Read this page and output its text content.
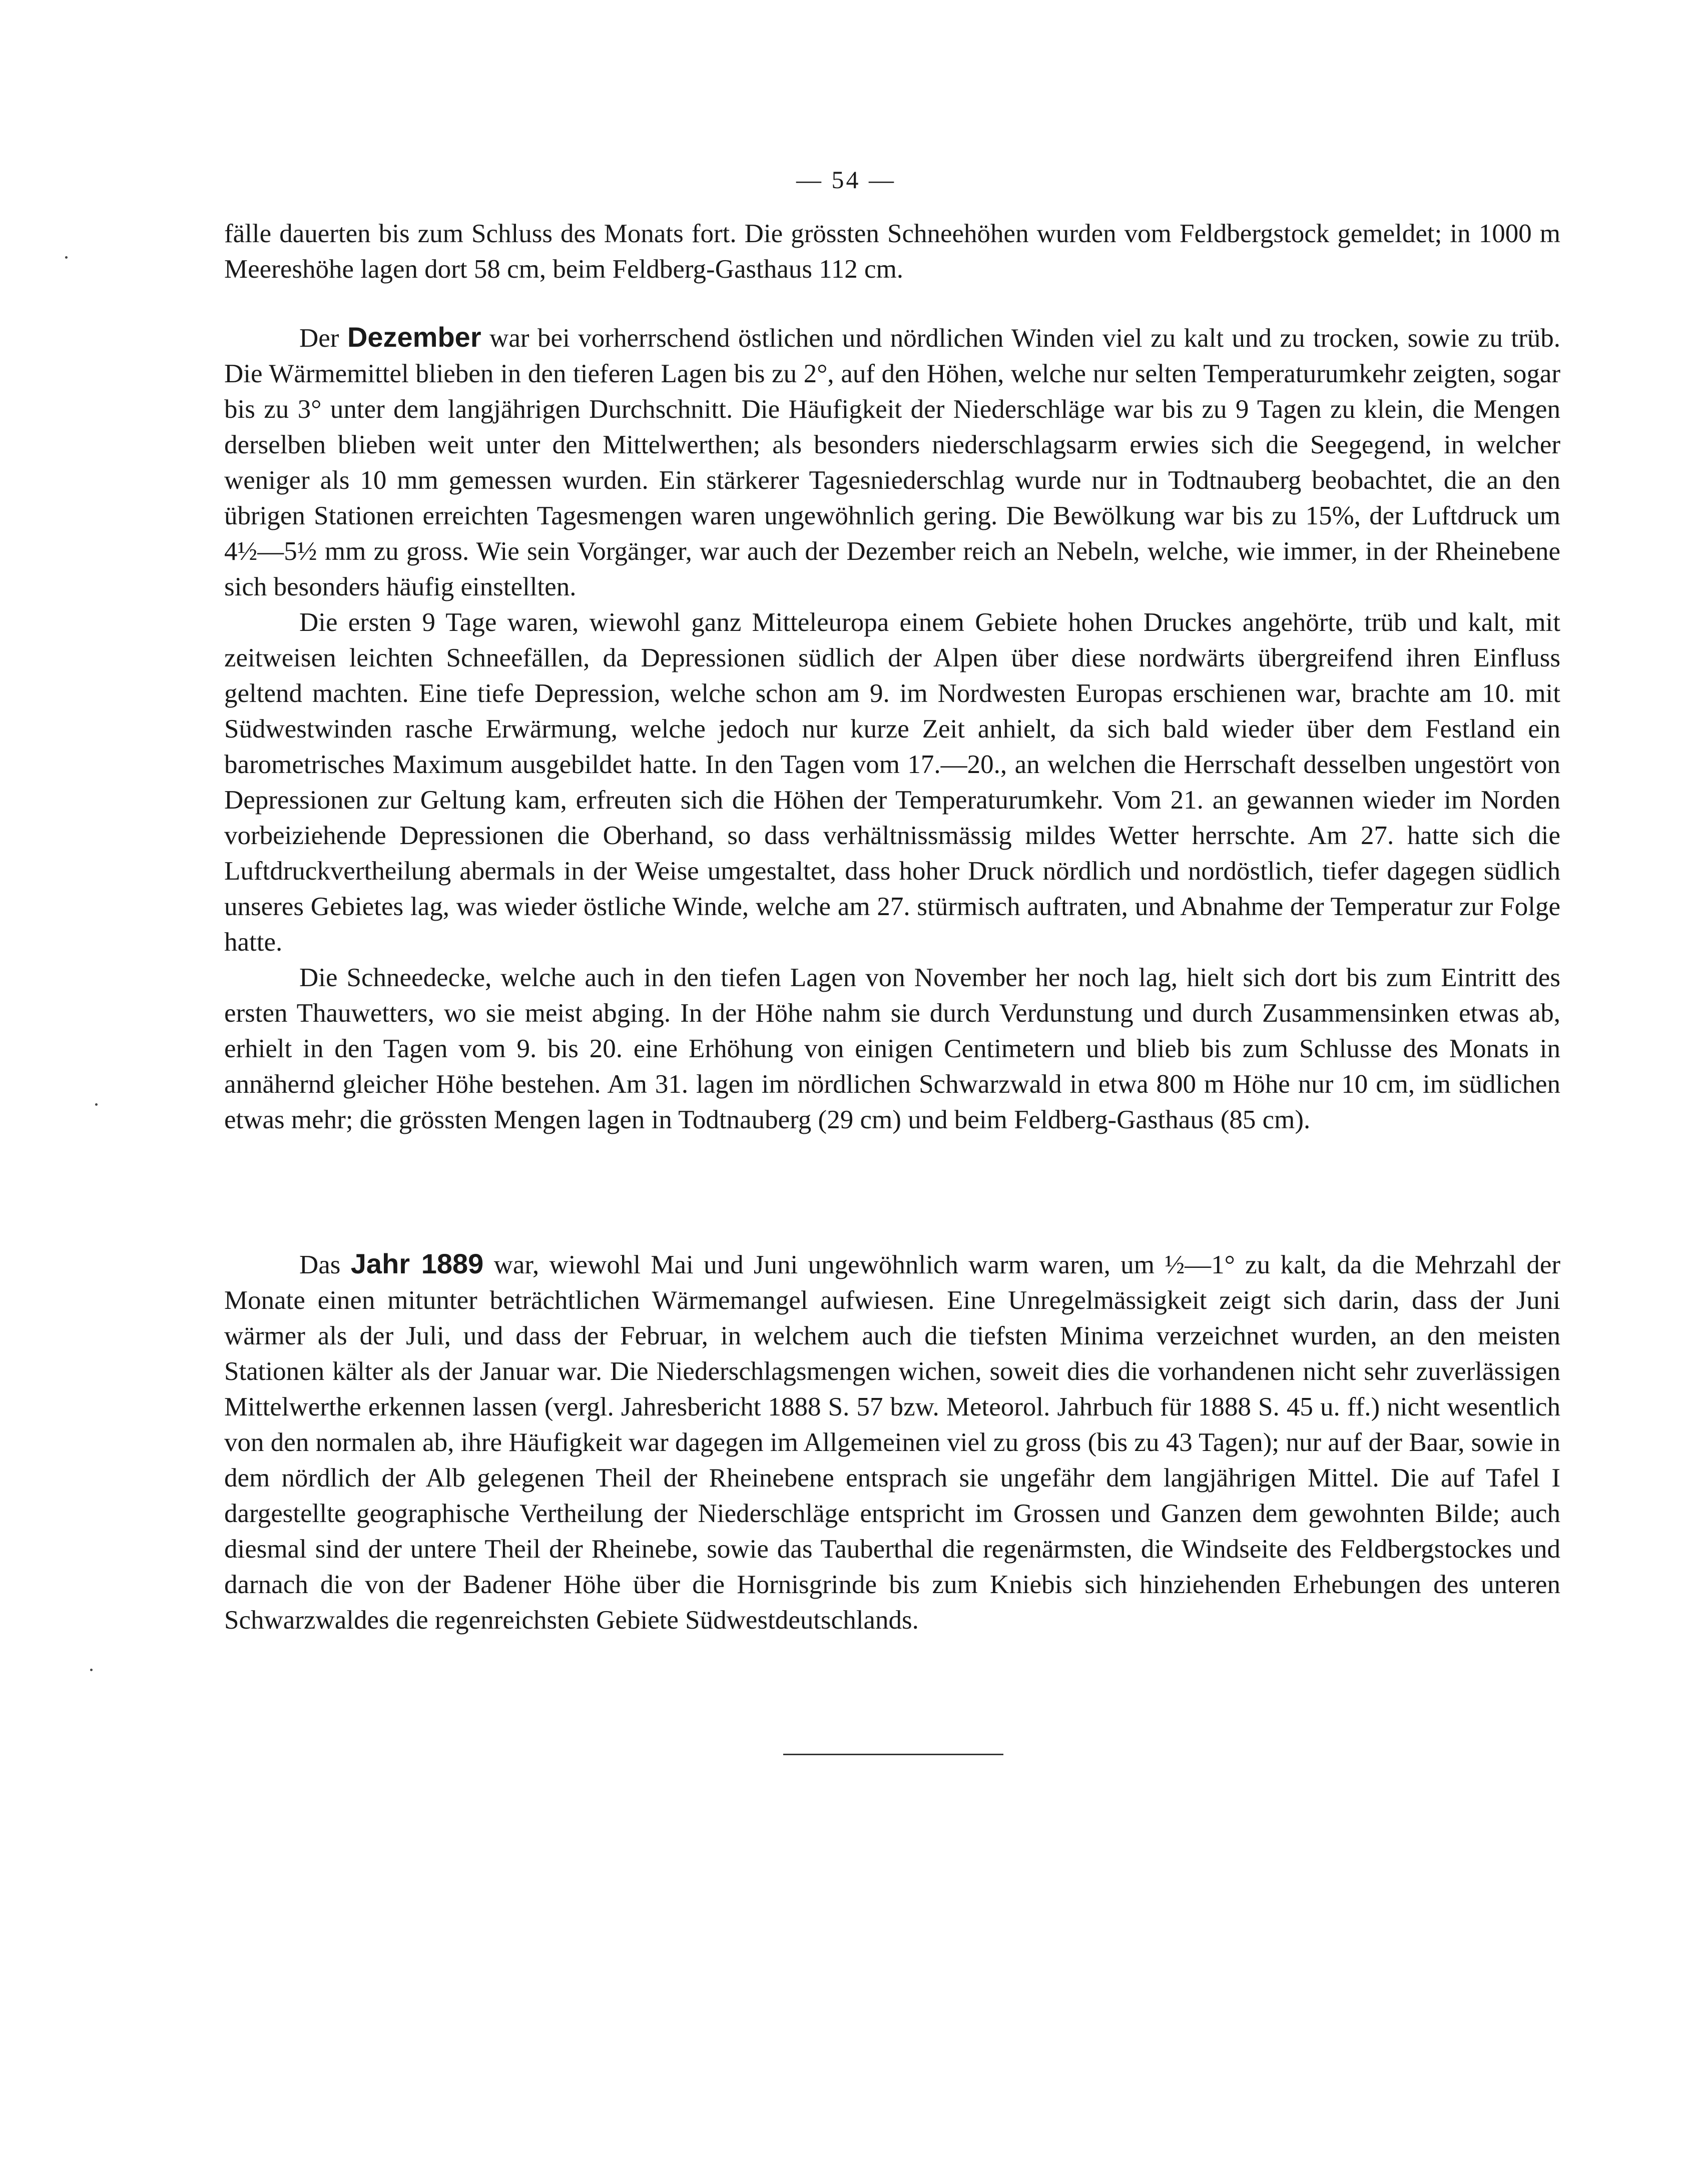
— 54 —

fälle dauerten bis zum Schluss des Monats fort. Die grössten Schneehöhen wurden vom Feldbergstock gemeldet; in 1000 m Meereshöhe lagen dort 58 cm, beim Feldberg-Gasthaus 112 cm.

Der Dezember war bei vorherrschend östlichen und nördlichen Winden viel zu kalt und zu trocken, sowie zu trüb. Die Wärmemittel blieben in den tieferen Lagen bis zu 2°, auf den Höhen, welche nur selten Temperaturumkehr zeigten, sogar bis zu 3° unter dem langjährigen Durchschnitt. Die Häufigkeit der Niederschläge war bis zu 9 Tagen zu klein, die Mengen derselben blieben weit unter den Mittelwerthen; als besonders niederschlagsarm erwies sich die Seegegend, in welcher weniger als 10 mm gemessen wurden. Ein stärkerer Tagesniederschlag wurde nur in Todtnauberg beobachtet, die an den übrigen Stationen erreichten Tagesmengen waren ungewöhnlich gering. Die Bewölkung war bis zu 15%, der Luftdruck um 4½—5½ mm zu gross. Wie sein Vorgänger, war auch der Dezember reich an Nebeln, welche, wie immer, in der Rheinebene sich besonders häufig einstellten.

Die ersten 9 Tage waren, wiewohl ganz Mitteleuropa einem Gebiete hohen Druckes angehörte, trüb und kalt, mit zeitweisen leichten Schneefällen, da Depressionen südlich der Alpen über diese nordwärts übergreifend ihren Einfluss geltend machten. Eine tiefe Depression, welche schon am 9. im Nordwesten Europas erschienen war, brachte am 10. mit Südwestwinden rasche Erwärmung, welche jedoch nur kurze Zeit anhielt, da sich bald wieder über dem Festland ein barometrisches Maximum ausgebildet hatte. In den Tagen vom 17.—20., an welchen die Herrschaft desselben ungestört von Depressionen zur Geltung kam, erfreuten sich die Höhen der Temperaturumkehr. Vom 21. an gewannen wieder im Norden vorbeiziehende Depressionen die Oberhand, so dass verhältnissmässig mildes Wetter herrschte. Am 27. hatte sich die Luftdruckvertheilung abermals in der Weise umgestaltet, dass hoher Druck nördlich und nordöstlich, tiefer dagegen südlich unseres Gebietes lag, was wieder östliche Winde, welche am 27. stürmisch auftraten, und Abnahme der Temperatur zur Folge hatte.

Die Schneedecke, welche auch in den tiefen Lagen von November her noch lag, hielt sich dort bis zum Eintritt des ersten Thauwetters, wo sie meist abging. In der Höhe nahm sie durch Verdunstung und durch Zusammensinken etwas ab, erhielt in den Tagen vom 9. bis 20. eine Erhöhung von einigen Centimetern und blieb bis zum Schlusse des Monats in annähernd gleicher Höhe bestehen. Am 31. lagen im nördlichen Schwarzwald in etwa 800 m Höhe nur 10 cm, im südlichen etwas mehr; die grössten Mengen lagen in Todtnauberg (29 cm) und beim Feldberg-Gasthaus (85 cm).

Das Jahr 1889 war, wiewohl Mai und Juni ungewöhnlich warm waren, um ½—1° zu kalt, da die Mehrzahl der Monate einen mitunter beträchtlichen Wärmemangel aufwiesen. Eine Unregelmässigkeit zeigt sich darin, dass der Juni wärmer als der Juli, und dass der Februar, in welchem auch die tiefsten Minima verzeichnet wurden, an den meisten Stationen kälter als der Januar war. Die Niederschlagsmengen wichen, soweit dies die vorhandenen nicht sehr zuverlässigen Mittelwerthe erkennen lassen (vergl. Jahresbericht 1888 S. 57 bzw. Meteorol. Jahrbuch für 1888 S. 45 u. ff.) nicht wesentlich von den normalen ab, ihre Häufigkeit war dagegen im Allgemeinen viel zu gross (bis zu 43 Tagen); nur auf der Baar, sowie in dem nördlich der Alb gelegenen Theil der Rheinebene entsprach sie ungefähr dem langjährigen Mittel. Die auf Tafel I dargestellte geographische Vertheilung der Niederschläge entspricht im Grossen und Ganzen dem gewohnten Bilde; auch diesmal sind der untere Theil der Rheinebe, sowie das Tauberthal die regenärmsten, die Windseite des Feldbergstockes und darnach die von der Badener Höhe über die Hornisgrinde bis zum Kniebis sich hinziehenden Erhebungen des unteren Schwarzwaldes die regenreichsten Gebiete Südwestdeutschlands.
